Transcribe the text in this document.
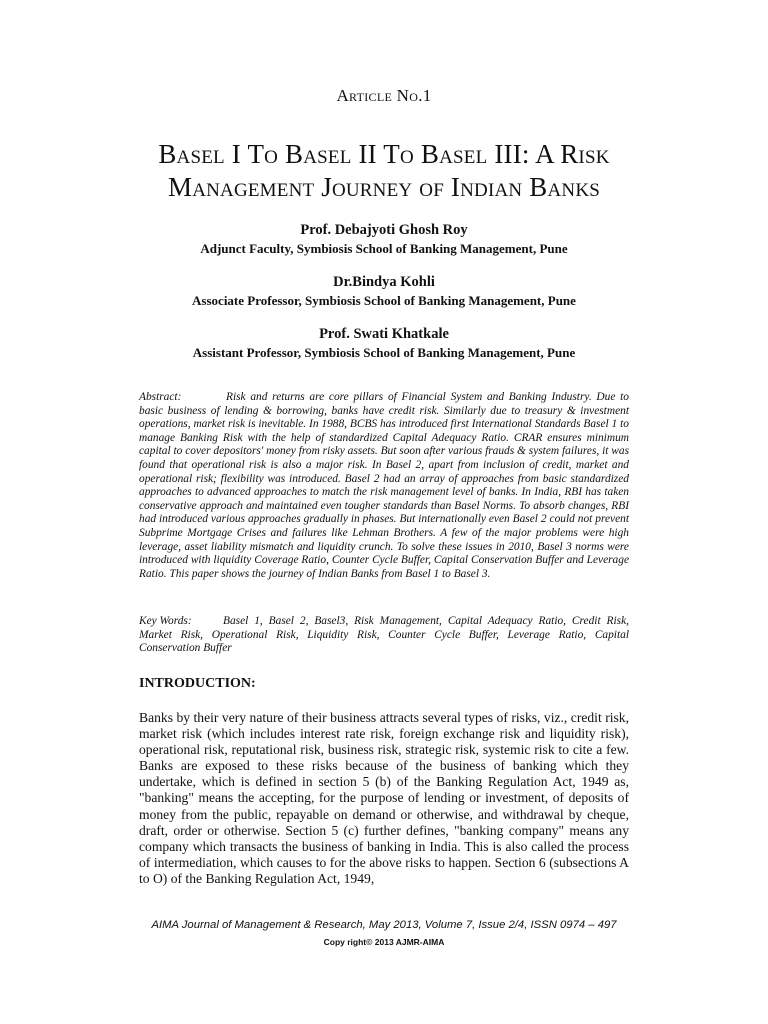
Article No.1
Basel I To Basel II To Basel III: A Risk
Management Journey of Indian Banks
Prof. Debajyoti Ghosh Roy
Adjunct Faculty, Symbiosis School of Banking Management, Pune
Dr.Bindya Kohli
Associate Professor, Symbiosis School of Banking Management, Pune
Prof. Swati Khatkale
Assistant Professor, Symbiosis School of Banking Management, Pune
Abstract:	Risk and returns are core pillars of Financial System and Banking Industry. Due to basic business of lending & borrowing, banks have credit risk. Similarly due to treasury & investment operations, market risk is inevitable. In 1988, BCBS has introduced first International Standards Basel 1 to manage Banking Risk with the help of standardized Capital Adequacy Ratio. CRAR ensures minimum capital to cover depositors' money from risky assets. But soon after various frauds & system failures, it was found that operational risk is also a major risk. In Basel 2, apart from inclusion of credit, market and operational risk; flexibility was introduced. Basel 2 had an array of approaches from basic standardized approaches to advanced approaches to match the risk management level of banks. In India, RBI has taken conservative approach and maintained even tougher standards than Basel Norms. To absorb changes, RBI had introduced various approaches gradually in phases. But internationally even Basel 2 could not prevent Subprime Mortgage Crises and failures like Lehman Brothers. A few of the major problems were high leverage, asset liability mismatch and liquidity crunch. To solve these issues in 2010, Basel 3 norms were introduced with liquidity Coverage Ratio, Counter Cycle Buffer, Capital Conservation Buffer and Leverage Ratio. This paper shows the journey of Indian Banks from Basel 1 to Basel 3.
Key Words:	Basel 1, Basel 2, Basel3, Risk Management, Capital Adequacy Ratio, Credit Risk, Market Risk, Operational Risk, Liquidity Risk, Counter Cycle Buffer, Leverage Ratio, Capital Conservation Buffer
INTRODUCTION:
Banks by their very nature of their business attracts several types of risks, viz., credit risk, market risk (which includes interest rate risk, foreign exchange risk and liquidity risk), operational risk, reputational risk, business risk, strategic risk, systemic risk to cite a few. Banks are exposed to these risks because of the business of banking which they undertake, which is defined in section 5 (b) of the Banking Regulation Act, 1949 as, "banking" means the accepting, for the purpose of lending or investment, of deposits of money from the public, repayable on demand or otherwise, and withdrawal by cheque, draft, order or otherwise. Section 5 (c) further defines, "banking company" means any company which transacts the business of banking in India. This is also called the process of intermediation, which causes to for the above risks to happen. Section 6 (subsections A to O) of the Banking Regulation Act, 1949,
AIMA Journal of Management & Research, May 2013, Volume 7, Issue 2/4, ISSN 0974 – 497
Copy right© 2013 AJMR-AIMA
